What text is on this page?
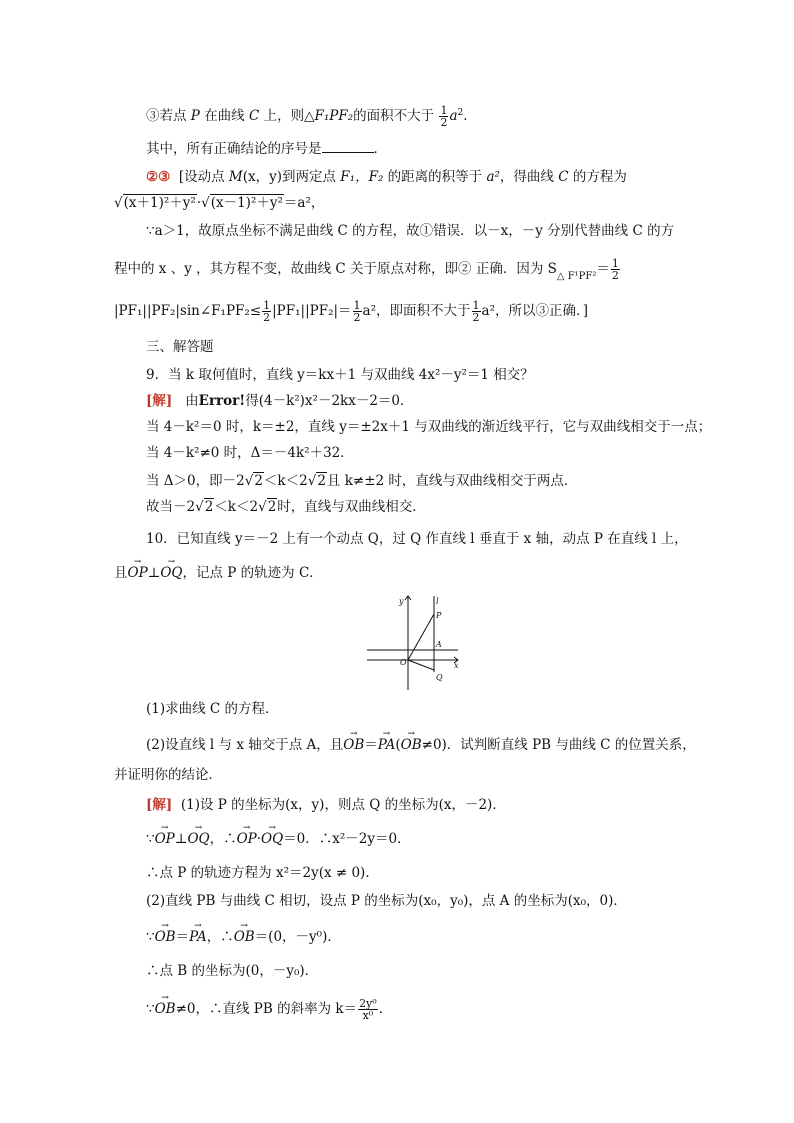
③若点 P 在曲线 C 上，则△F₁PF₂的面积不大于 $\frac{1}{2} a^2$.
其中，所有正确结论的序号是	．
②③ [设动点 M(x，y)到两定点 F₁，F₂ 的距离的积等于 a²，得曲线 C 的方程为
√(x＋1)²＋y²·√(x－1)²＋y²＝a²，
∵a＞1，故原点坐标不满足曲线 C 的方程，故①错误．以－x，－y 分别代替曲线 C 的方
程中的 x 、y ，其方程不变，故曲线 C 关于原点对称，即② 正确．因为 $S_{\triangle F^1PF^2}= \frac{1}{2}$
|PF₁||PF₂|sin∠F₁PF₂≤ $\frac{1}{2} |PF_1||PF_2|= \frac{1}{2} a^2$，即面积不大于 $\frac{1}{2} a^2$，所以③正确．]
三、解答题
9．当 k 取何值时，直线 y＝kx＋1 与双曲线 4x²－y²＝1 相交？
[解] 由Error!得(4－k²)x²－2kx－2＝0．
当 4－k²＝0 时，k＝±2，直线 y＝±2x＋1 与双曲线的渐近线平行，它与双曲线相交于一点；
当 4－k²≠0 时，Δ＝－4k²＋32．
当 Δ＞0，即－2√2＜k＜2√2且 k≠±2 时，直线与双曲线相交于两点．
故当－2√2＜k＜2√2时，直线与双曲线相交．
10．已知直线 y＝－2 上有一个动点 Q，过 Q 作直线 l 垂直于 x 轴，动点 P 在直线 l 上，
且→ OP⊥→ OQ，记点 P 的轨迹为 C．
y	l
P
A
O	x
Q
(1)求曲线 C 的方程．
(2)设直线 l 与 x 轴交于点 A，且→ OB＝→ PA(→ OB≠0)．试判断直线 PB 与曲线 C 的位置关系，
并证明你的结论．
[解] (1)设 P 的坐标为(x，y)，则点 Q 的坐标为(x，－2)．
∵→ OP⊥→ OQ，∴→ OP·→ OQ＝0．∴x²－2y＝0．
∴点 P 的轨迹方程为 x²＝2y(x ≠ 0)．
(2)直线 PB 与曲线 C 相切，设点 P 的坐标为(x₀，y₀)，点 A 的坐标为(x₀，0)．
∵→ OB＝→ PA，∴→ OB＝(0，－y⁰)．
∴点 B 的坐标为(0，－y₀)．
∵→ OB≠0，∴直线 PB 的斜率为 $k= \frac{\text{2y⁰}}{\text{x⁰}}$ ．
